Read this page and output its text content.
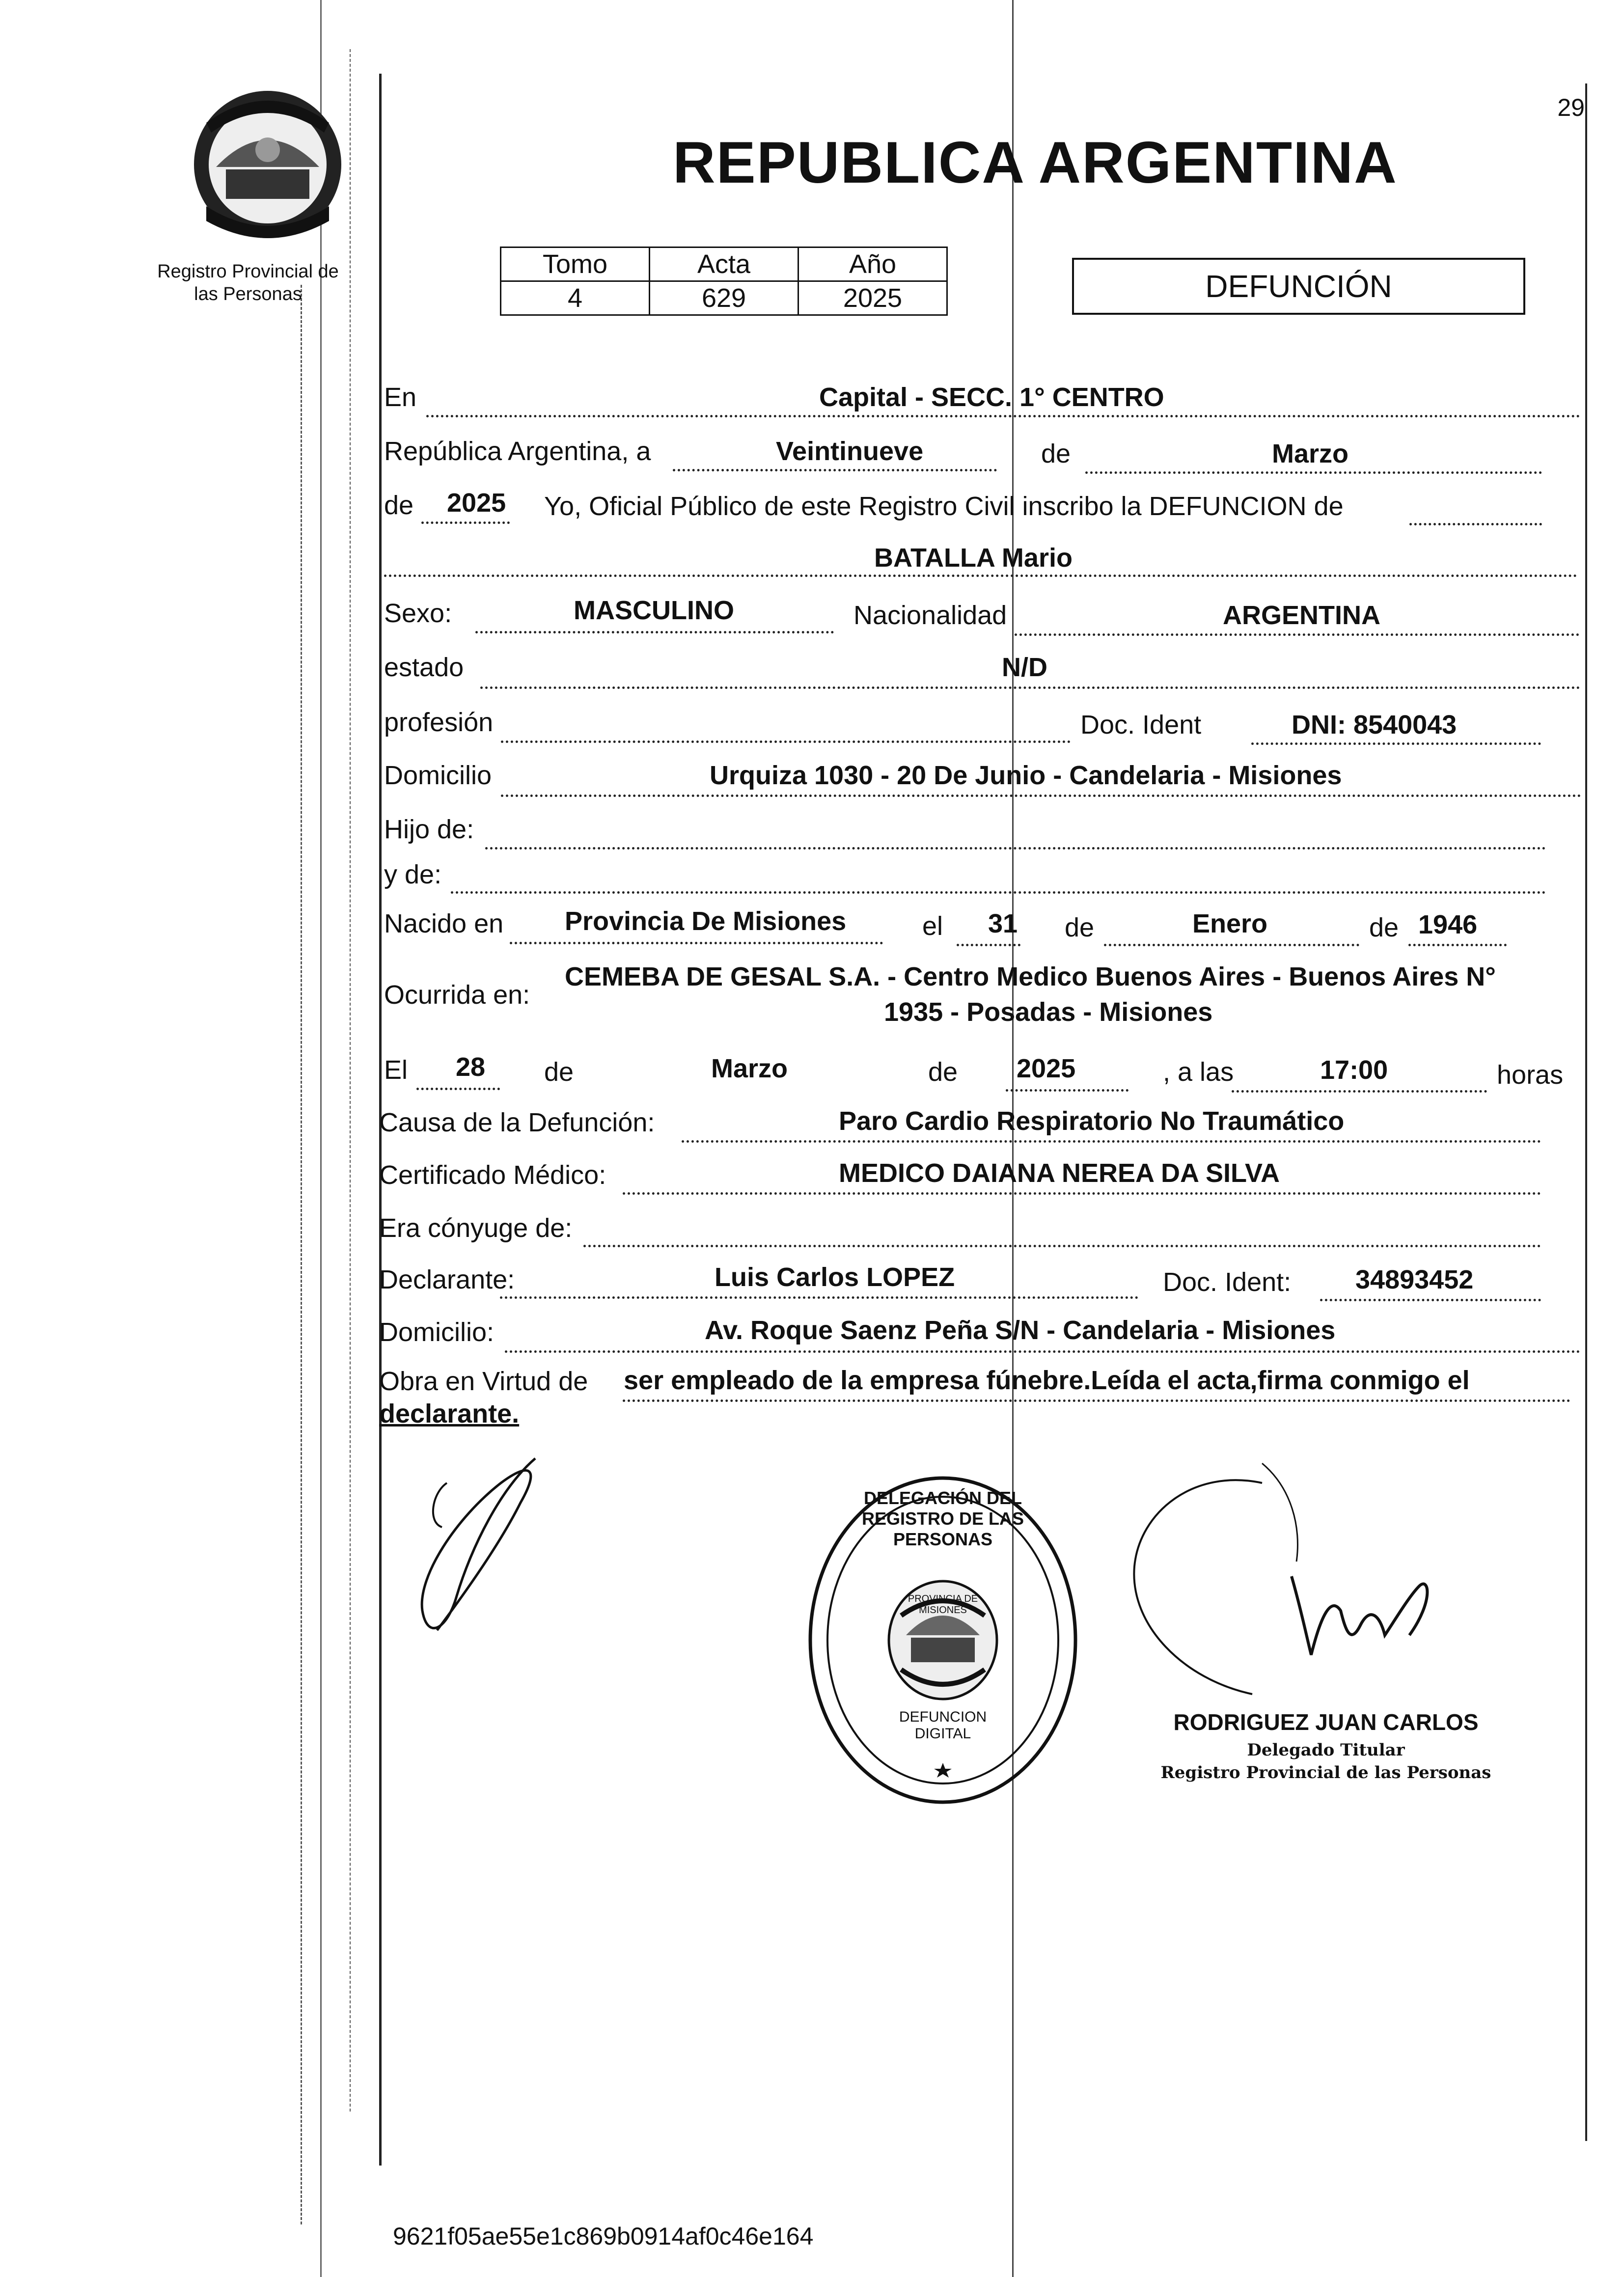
Registro Provincial de
las Personas
REPUBLICA ARGENTINA
29
Tomo	Acta	Año
4	629	2025	DEFUNCIÓN
En	Capital - SECC. 1° CENTRO
República Argentina, a	Veintinueve	de	Marzo
de 2025 Yo, Oficial Público de este Registro Civil inscribo la DEFUNCION de
BATALLA Mario
Sexo:	MASCULINO	Nacionalidad	ARGENTINA
estado	N/D
profesión	Doc. Ident	DNI: 8540043
Domicilio	Urquiza 1030 - 20 De Junio - Candelaria - Misiones
Hijo de:
y de:
Nacido en Provincia De Misiones	el 31 de	Enero	de 1946
Ocurrida en:
CEMEBA DE GESAL S.A. - Centro Medico Buenos Aires - Buenos Aires N°
1935 - Posadas - Misiones
El 28 de	Marzo	de 2025	, a las	17:00	horas
Causa de la Defunción:	Paro Cardio Respiratorio No Traumático
Certificado Médico:	MEDICO DAIANA NEREA DA SILVA
Era cónyuge de:
Declarante:	Luis Carlos LOPEZ	Doc. Ident: 34893452
Domicilio:	Av. Roque Saenz Peña S/N - Candelaria - Misiones
Obra en Virtud de ser empleado de la empresa fúnebre.Leída el acta,firma conmigo el
declarante.
DELEGACIÓN DEL REGISTRO DE LAS PERSONAS
DEFUNCION DIGITAL
PROVINCIA DE MISIONES
RODRIGUEZ JUAN CARLOS
Delegado Titular
Registro Provincial de las Personas
9621f05ae55e1c869b0914af0c46e164
